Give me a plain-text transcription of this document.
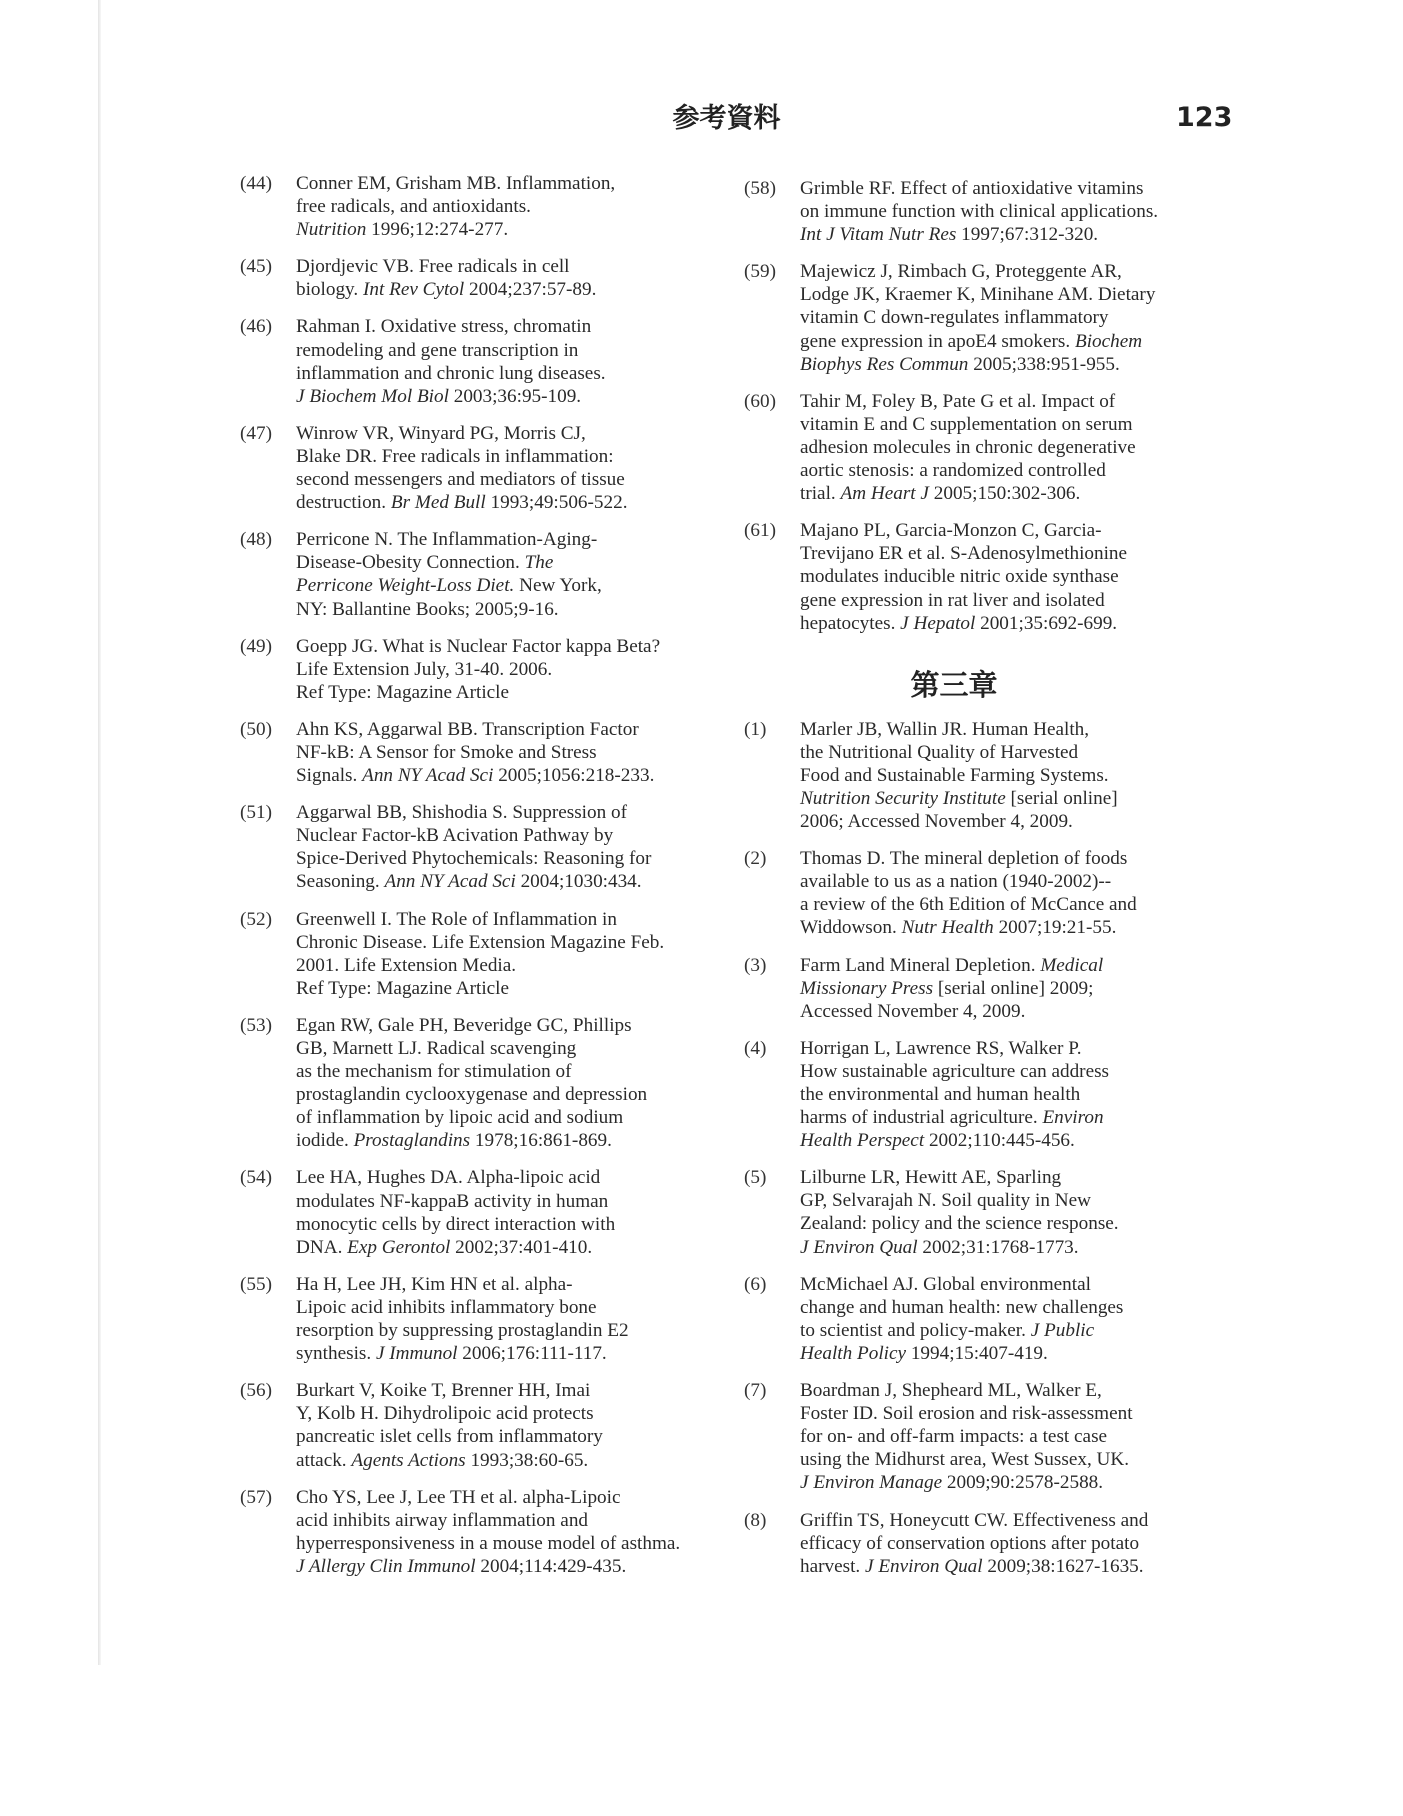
参考資料	123
(44)	Conner EM, Grisham MB. Inflammation,
free radicals, and antioxidants.
Nutrition 1996;12:274-277.
(45)	Djordjevic VB. Free radicals in cell
biology. Int Rev Cytol 2004;237:57-89.
(46)	Rahman I. Oxidative stress, chromatin
remodeling and gene transcription in
inflammation and chronic lung diseases.
J Biochem Mol Biol 2003;36:95-109.
(47)	Winrow VR, Winyard PG, Morris CJ,
Blake DR. Free radicals in inflammation:
second messengers and mediators of tissue
destruction. Br Med Bull 1993;49:506-522.
(48)	Perricone N. The Inflammation-Aging-
Disease-Obesity Connection. The
Perricone Weight-Loss Diet. New York,
NY: Ballantine Books; 2005;9-16.
(49)	Goepp JG. What is Nuclear Factor kappa Beta?
Life Extension July, 31-40. 2006.
Ref Type: Magazine Article
(50)	Ahn KS, Aggarwal BB. Transcription Factor
NF-kB: A Sensor for Smoke and Stress
Signals. Ann NY Acad Sci 2005;1056:218-233.
(51)	Aggarwal BB, Shishodia S. Suppression of
Nuclear Factor-kB Acivation Pathway by
Spice-Derived Phytochemicals: Reasoning for
Seasoning. Ann NY Acad Sci 2004;1030:434.
(52)	Greenwell I. The Role of Inflammation in
Chronic Disease. Life Extension Magazine Feb.
2001. Life Extension Media.
Ref Type: Magazine Article
(53)	Egan RW, Gale PH, Beveridge GC, Phillips
GB, Marnett LJ. Radical scavenging
as the mechanism for stimulation of
prostaglandin cyclooxygenase and depression
of inflammation by lipoic acid and sodium
iodide. Prostaglandins 1978;16:861-869.
(54)	Lee HA, Hughes DA. Alpha-lipoic acid
modulates NF-kappaB activity in human
monocytic cells by direct interaction with
DNA. Exp Gerontol 2002;37:401-410.
(55)	Ha H, Lee JH, Kim HN et al. alpha-
Lipoic acid inhibits inflammatory bone
resorption by suppressing prostaglandin E2
synthesis. J Immunol 2006;176:111-117.
(56)	Burkart V, Koike T, Brenner HH, Imai
Y, Kolb H. Dihydrolipoic acid protects
pancreatic islet cells from inflammatory
attack. Agents Actions 1993;38:60-65.
(57)	Cho YS, Lee J, Lee TH et al. alpha-Lipoic
acid inhibits airway inflammation and
hyperresponsiveness in a mouse model of asthma.
J Allergy Clin Immunol 2004;114:429-435.
(58)	Grimble RF. Effect of antioxidative vitamins
on immune function with clinical applications.
Int J Vitam Nutr Res 1997;67:312-320.
(59)	Majewicz J, Rimbach G, Proteggente AR,
Lodge JK, Kraemer K, Minihane AM. Dietary
vitamin C down-regulates inflammatory
gene expression in apoE4 smokers. Biochem
Biophys Res Commun 2005;338:951-955.
(60)	Tahir M, Foley B, Pate G et al. Impact of
vitamin E and C supplementation on serum
adhesion molecules in chronic degenerative
aortic stenosis: a randomized controlled
trial. Am Heart J 2005;150:302-306.
(61)	Majano PL, Garcia-Monzon C, Garcia-
Trevijano ER et al. S-Adenosylmethionine
modulates inducible nitric oxide synthase
gene expression in rat liver and isolated
hepatocytes. J Hepatol 2001;35:692-699.
第三章
(1)	Marler JB, Wallin JR. Human Health,
the Nutritional Quality of Harvested
Food and Sustainable Farming Systems.
Nutrition Security Institute [serial online]
2006; Accessed November 4, 2009.
(2)	Thomas D. The mineral depletion of foods
available to us as a nation (1940-2002)--
a review of the 6th Edition of McCance and
Widdowson. Nutr Health 2007;19:21-55.
(3)	Farm Land Mineral Depletion. Medical
Missionary Press [serial online] 2009;
Accessed November 4, 2009.
(4)	Horrigan L, Lawrence RS, Walker P.
How sustainable agriculture can address
the environmental and human health
harms of industrial agriculture. Environ
Health Perspect 2002;110:445-456.
(5)	Lilburne LR, Hewitt AE, Sparling
GP, Selvarajah N. Soil quality in New
Zealand: policy and the science response.
J Environ Qual 2002;31:1768-1773.
(6)	McMichael AJ. Global environmental
change and human health: new challenges
to scientist and policy-maker. J Public
Health Policy 1994;15:407-419.
(7)	Boardman J, Shepheard ML, Walker E,
Foster ID. Soil erosion and risk-assessment
for on- and off-farm impacts: a test case
using the Midhurst area, West Sussex, UK.
J Environ Manage 2009;90:2578-2588.
(8)	Griffin TS, Honeycutt CW. Effectiveness and
efficacy of conservation options after potato
harvest. J Environ Qual 2009;38:1627-1635.
